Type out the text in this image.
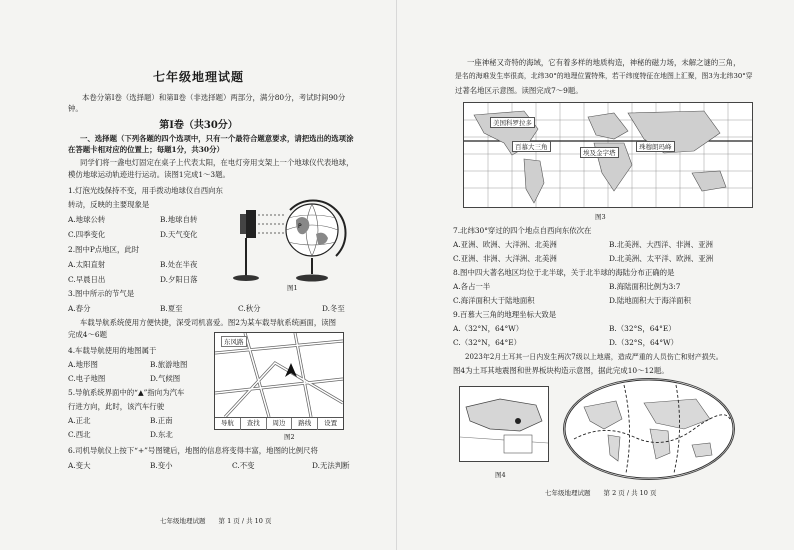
七年级地理试题
本卷分第Ⅰ卷（选择题）和第Ⅱ卷（非选择题）两部分，满分80分，考试时间90分
钟。
第Ⅰ卷（共30分）
一、选择题（下列各题的四个选项中，只有一个最符合题意要求，请把选出的选项涂
在答题卡相对应的位置上；每题1分，共30分）
同学们将一盏电灯固定在桌子上代表太阳，在电灯旁用支架上一个地球仪代表地球，
模仿地球运动轨迹进行运动。读图1完成1～3题。
1.灯泡光线保持不变，用手拨动地球仪自西向东
转动，反映的主要现象是
A.地球公转	B.地球自转
C.四季变化	D.天气变化
2.图中P点地区，此时
A.太阳直射	B.处在半夜
C.早晨日出	D.夕阳日落
3.图中所示的节气是
A.春分	B.夏至	C.秋分	D.冬至
P
图1
车载导航系统使用方便快捷，深受司机喜爱。图2为某车载导航系统画面，读图
完成4～6题
4.车载导航使用的地图属于
A.地形图	B.旅游地图
C.电子地图	D.气候图
5.导航系统界面中的“▲”指向为汽车
行进方向，此时，该汽车行驶
A.正北	B.正南
C.西北	D.东北
东风路
导航	查找	周边	路线	设置
图2
6.司机导航仪上按下“+”号图键后，地图的信息将变得丰富，地图的比例尺将
A.变大	B.变小	C.不变	D.无法判断
七年级地理试题　　第 1 页 / 共 10 页
一座神秘又奇特的海域，它有着多样的地质构造，神秘的磁力场，未解之谜的三角，
是名的海难发生率很高，北纬30°的地理位置特殊，若干纬度特征在地图上汇聚，图3为北纬30°穿
过著名地区示意图。读图完成7～9题。
美国科罗拉多
百慕大三角
埃及金字塔
珠穆朗玛峰
图3
7.北纬30°穿过的四个地点自西向东依次在
A.亚洲、欧洲、大洋洲、北美洲	B.北美洲、大西洋、非洲、亚洲
C.亚洲、非洲、大洋洲、北美洲	D.北美洲、太平洋、欧洲、亚洲
8.图中四大著名地区均位于北半球，关于北半球的海陆分布正确的是
A.各占一半	B.海陆面积比例为3:7
C.海洋面积大于陆地面积	D.陆地面积大于海洋面积
9.百慕大三角的地理坐标大致是
A.（32°N，64°W）	B.（32°S，64°E）
C.（32°N，64°E）	D.（32°S，64°W）
2023年2月土耳其一日内发生两次7级以上地震，造成严重的人员伤亡和财产损失。
图4为土耳其地震图和世界板块构造示意图，据此完成10～12题。
图4
七年级地理试题　　第 2 页 / 共 10 页
